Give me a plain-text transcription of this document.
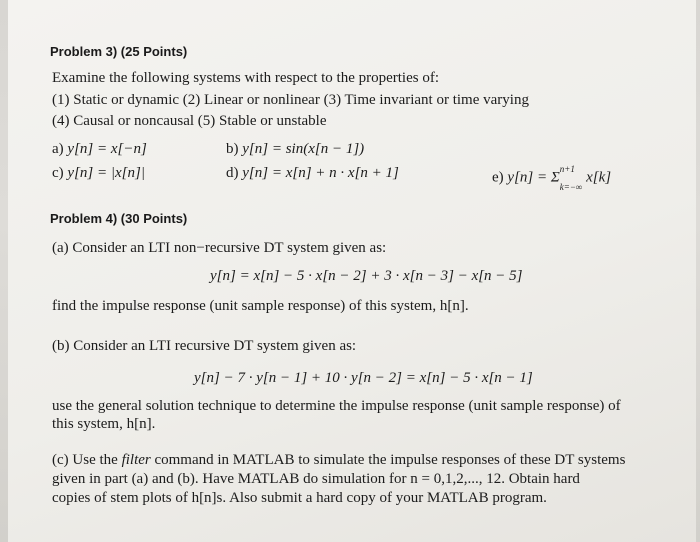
Problem 3) (25 Points)
Examine the following systems with respect to the properties of:
(1) Static or dynamic (2) Linear or nonlinear (3) Time invariant or time varying
(4) Causal or noncausal (5) Stable or unstable
a) y[n] = x[−n]	b) y[n] = sin(x[n − 1])
c) y[n] = |x[n]|	d) y[n] = x[n] + n · x[n + 1]	e) $y[n] = \Sigma^{n+1}$
$_{k=-\infty}$ x[k]
Problem 4) (30 Points)
(a) Consider an LTI non−recursive DT system given as:
y[n] = x[n] − 5 · x[n − 2] + 3 · x[n − 3] − x[n − 5]
find the impulse response (unit sample response) of this system, h[n].
(b) Consider an LTI recursive DT system given as:
y[n] − 7 · y[n − 1] + 10 · y[n − 2] = x[n] − 5 · x[n − 1]
use the general solution technique to determine the impulse response (unit sample response) of
this system, h[n].
(c) Use the filter command in MATLAB to simulate the impulse responses of these DT systems
given in part (a) and (b). Have MATLAB do simulation for n = 0,1,2,..., 12. Obtain hard
copies of stem plots of h[n]s. Also submit a hard copy of your MATLAB program.
